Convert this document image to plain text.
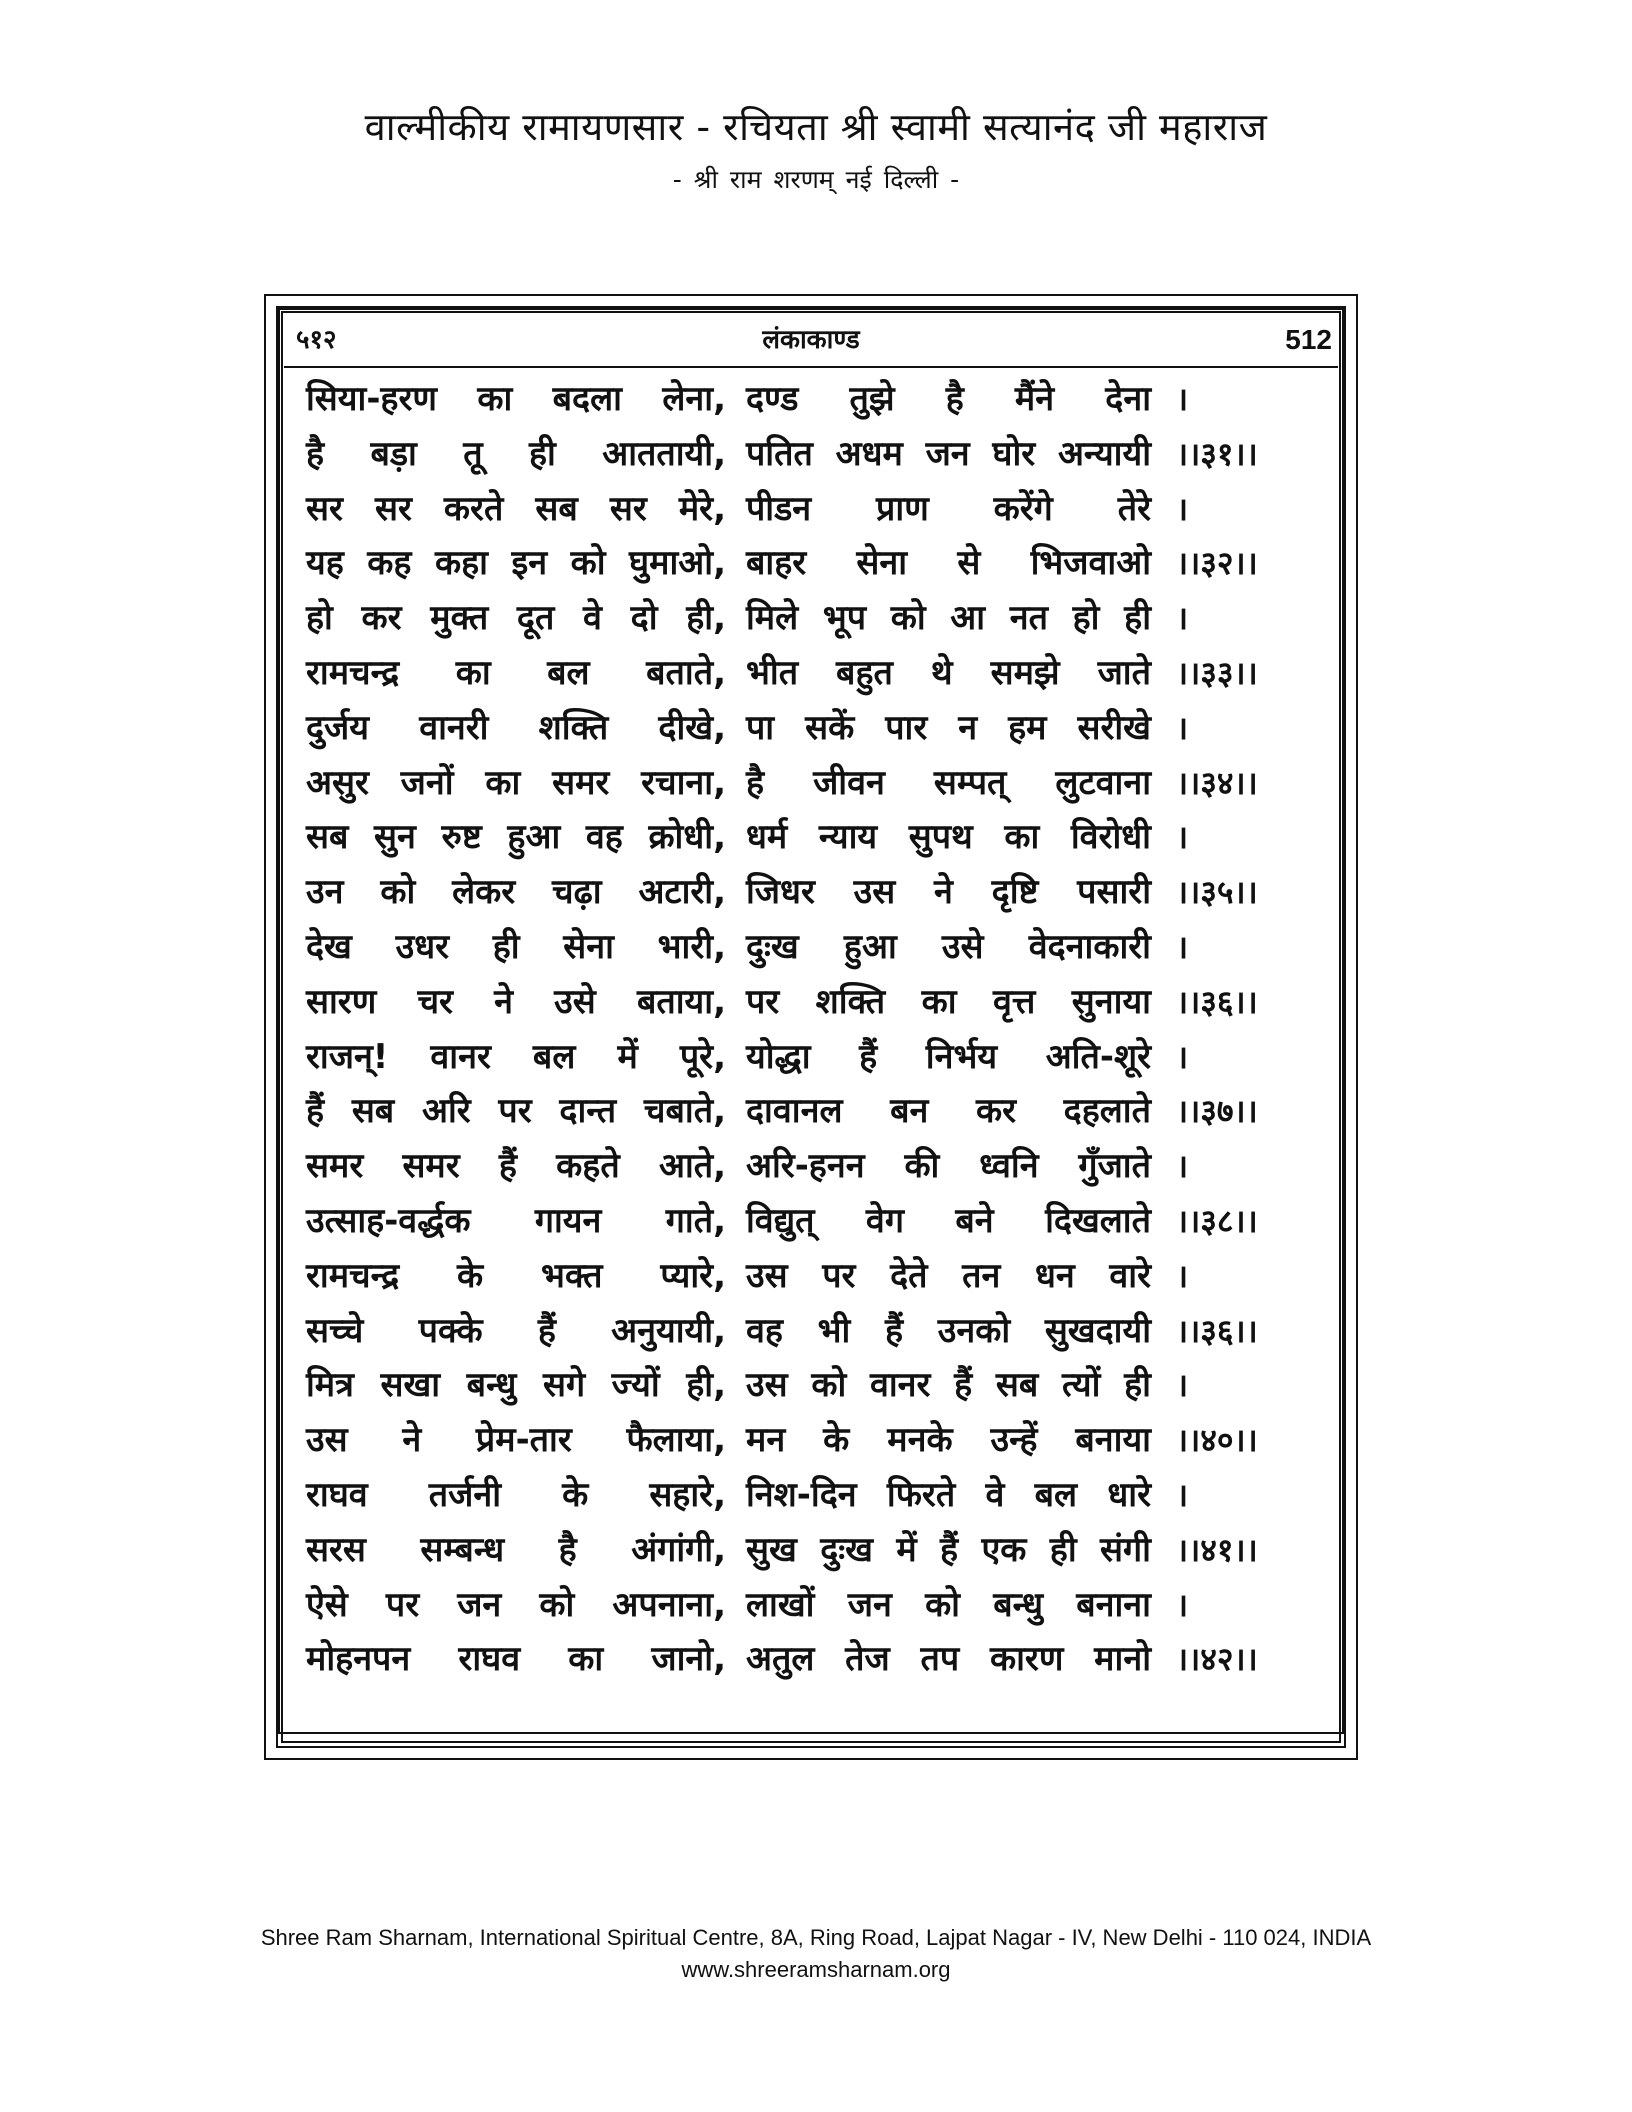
वाल्मीकीय रामायणसार - रचियता श्री स्वामी सत्यानंद जी महाराज
- श्री राम शरणम् नई दिल्ली -
५१२	लंकाकाण्ड	512
सिया-हरण का बदला लेना, दण्ड तुझे है मैंने देना ।
है बड़ा तू ही आततायी, पतित अधम जन घोर अन्यायी ।।३१।।
सर सर करते सब सर मेरे, पीडन प्राण करेंगे तेरे ।
यह कह कहा इन को घुमाओ, बाहर सेना से भिजवाओ ।।३२।।
हो कर मुक्त दूत वे दो ही, मिले भूप को आ नत हो ही ।
रामचन्द्र का बल बताते, भीत बहुत थे समझे जाते ।।३३।।
दुर्जय वानरी शक्ति दीखे, पा सकें पार न हम सरीखे ।
असुर जनों का समर रचाना, है जीवन सम्पत् लुटवाना ।।३४।।
सब सुन रुष्ट हुआ वह क्रोधी, धर्म न्याय सुपथ का विरोधी ।
उन को लेकर चढ़ा अटारी, जिधर उस ने दृष्टि पसारी ।।३५।।
देख उधर ही सेना भारी, दुःख हुआ उसे वेदनाकारी ।
सारण चर ने उसे बताया, पर शक्ति का वृत्त सुनाया ।।३६।।
राजन्! वानर बल में पूरे, योद्धा हैं निर्भय अति-शूरे ।
हैं सब अरि पर दान्त चबाते, दावानल बन कर दहलाते ।।३७।।
समर समर हैं कहते आते, अरि-हनन की ध्वनि गुँजाते ।
उत्साह-वर्द्धक गायन गाते, विद्युत् वेग बने दिखलाते ।।३८।।
रामचन्द्र के भक्त प्यारे, उस पर देते तन धन वारे ।
सच्चे पक्के हैं अनुयायी, वह भी हैं उनको सुखदायी ।।३६।।
मित्र सखा बन्धु सगे ज्यों ही, उस को वानर हैं सब त्यों ही ।
उस ने प्रेम-तार फैलाया, मन के मनके उन्हें बनाया ।।४०।।
राघव तर्जनी के सहारे, निश-दिन फिरते वे बल धारे ।
सरस सम्बन्ध है अंगांगी, सुख दुःख में हैं एक ही संगी ।।४१।।
ऐसे पर जन को अपनाना, लाखों जन को बन्धु बनाना ।
मोहनपन राघव का जानो, अतुल तेज तप कारण मानो ।।४२।।
Shree Ram Sharnam, International Spiritual Centre, 8A, Ring Road, Lajpat Nagar - IV, New Delhi - 110 024, INDIA
www.shreeramsharnam.org
